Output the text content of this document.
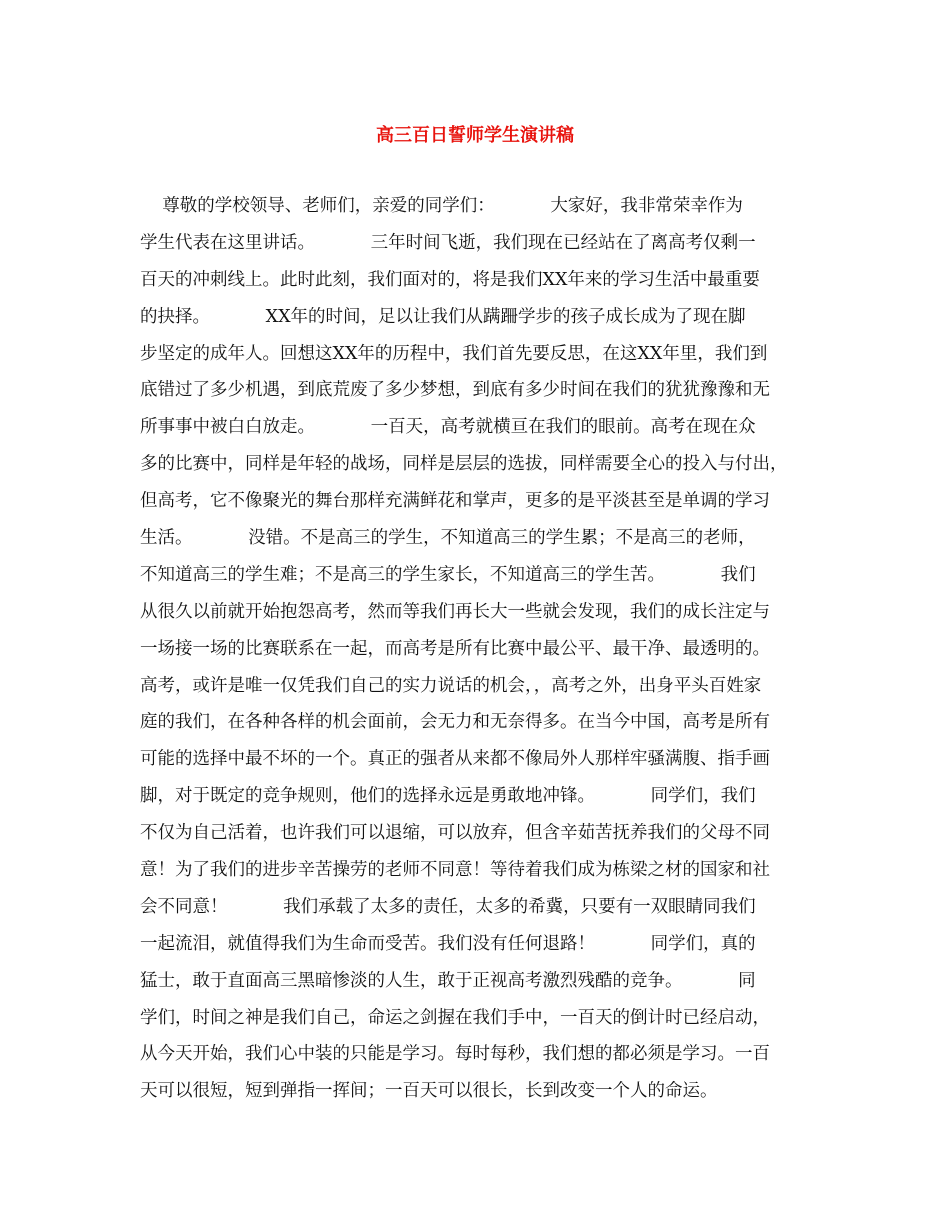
高三百日誓师学生演讲稿
尊敬的学校领导、老师们，亲爱的同学们：          大家好，我非常荣幸作为
学生代表在这里讲话。          三年时间飞逝，我们现在已经站在了离高考仅剩一
百天的冲刺线上。此时此刻，我们面对的，将是我们XX年来的学习生活中最重要
的抉择。          XX年的时间，足以让我们从蹒跚学步的孩子成长成为了现在脚
步坚定的成年人。回想这XX年的历程中，我们首先要反思，在这XX年里，我们到
底错过了多少机遇，到底荒废了多少梦想，到底有多少时间在我们的犹犹豫豫和无
所事事中被白白放走。          一百天，高考就横亘在我们的眼前。高考在现在众
多的比赛中，同样是年轻的战场，同样是层层的选拔，同样需要全心的投入与付出，
但高考，它不像聚光的舞台那样充满鲜花和掌声，更多的是平淡甚至是单调的学习
生活。          没错。不是高三的学生，不知道高三的学生累；不是高三的老师，
不知道高三的学生难；不是高三的学生家长，不知道高三的学生苦。          我们
从很久以前就开始抱怨高考，然而等我们再长大一些就会发现，我们的成长注定与
一场接一场的比赛联系在一起，而高考是所有比赛中最公平、最干净、最透明的。
高考，或许是唯一仅凭我们自己的实力说话的机会，，高考之外，出身平头百姓家
庭的我们，在各种各样的机会面前，会无力和无奈得多。在当今中国，高考是所有
可能的选择中最不坏的一个。真正的强者从来都不像局外人那样牢骚满腹、指手画
脚，对于既定的竞争规则，他们的选择永远是勇敢地冲锋。          同学们，我们
不仅为自己活着，也许我们可以退缩，可以放弃，但含辛茹苦抚养我们的父母不同
意！为了我们的进步辛苦操劳的老师不同意！等待着我们成为栋梁之材的国家和社
会不同意！          我们承载了太多的责任，太多的希冀，只要有一双眼睛同我们
一起流泪，就值得我们为生命而受苦。我们没有任何退路！          同学们，真的
猛士，敢于直面高三黑暗惨淡的人生，敢于正视高考激烈残酷的竞争。          同
学们，时间之神是我们自己，命运之剑握在我们手中，一百天的倒计时已经启动，
从今天开始，我们心中装的只能是学习。每时每秒，我们想的都必须是学习。一百
天可以很短，短到弹指一挥间；一百天可以很长，长到改变一个人的命运。
